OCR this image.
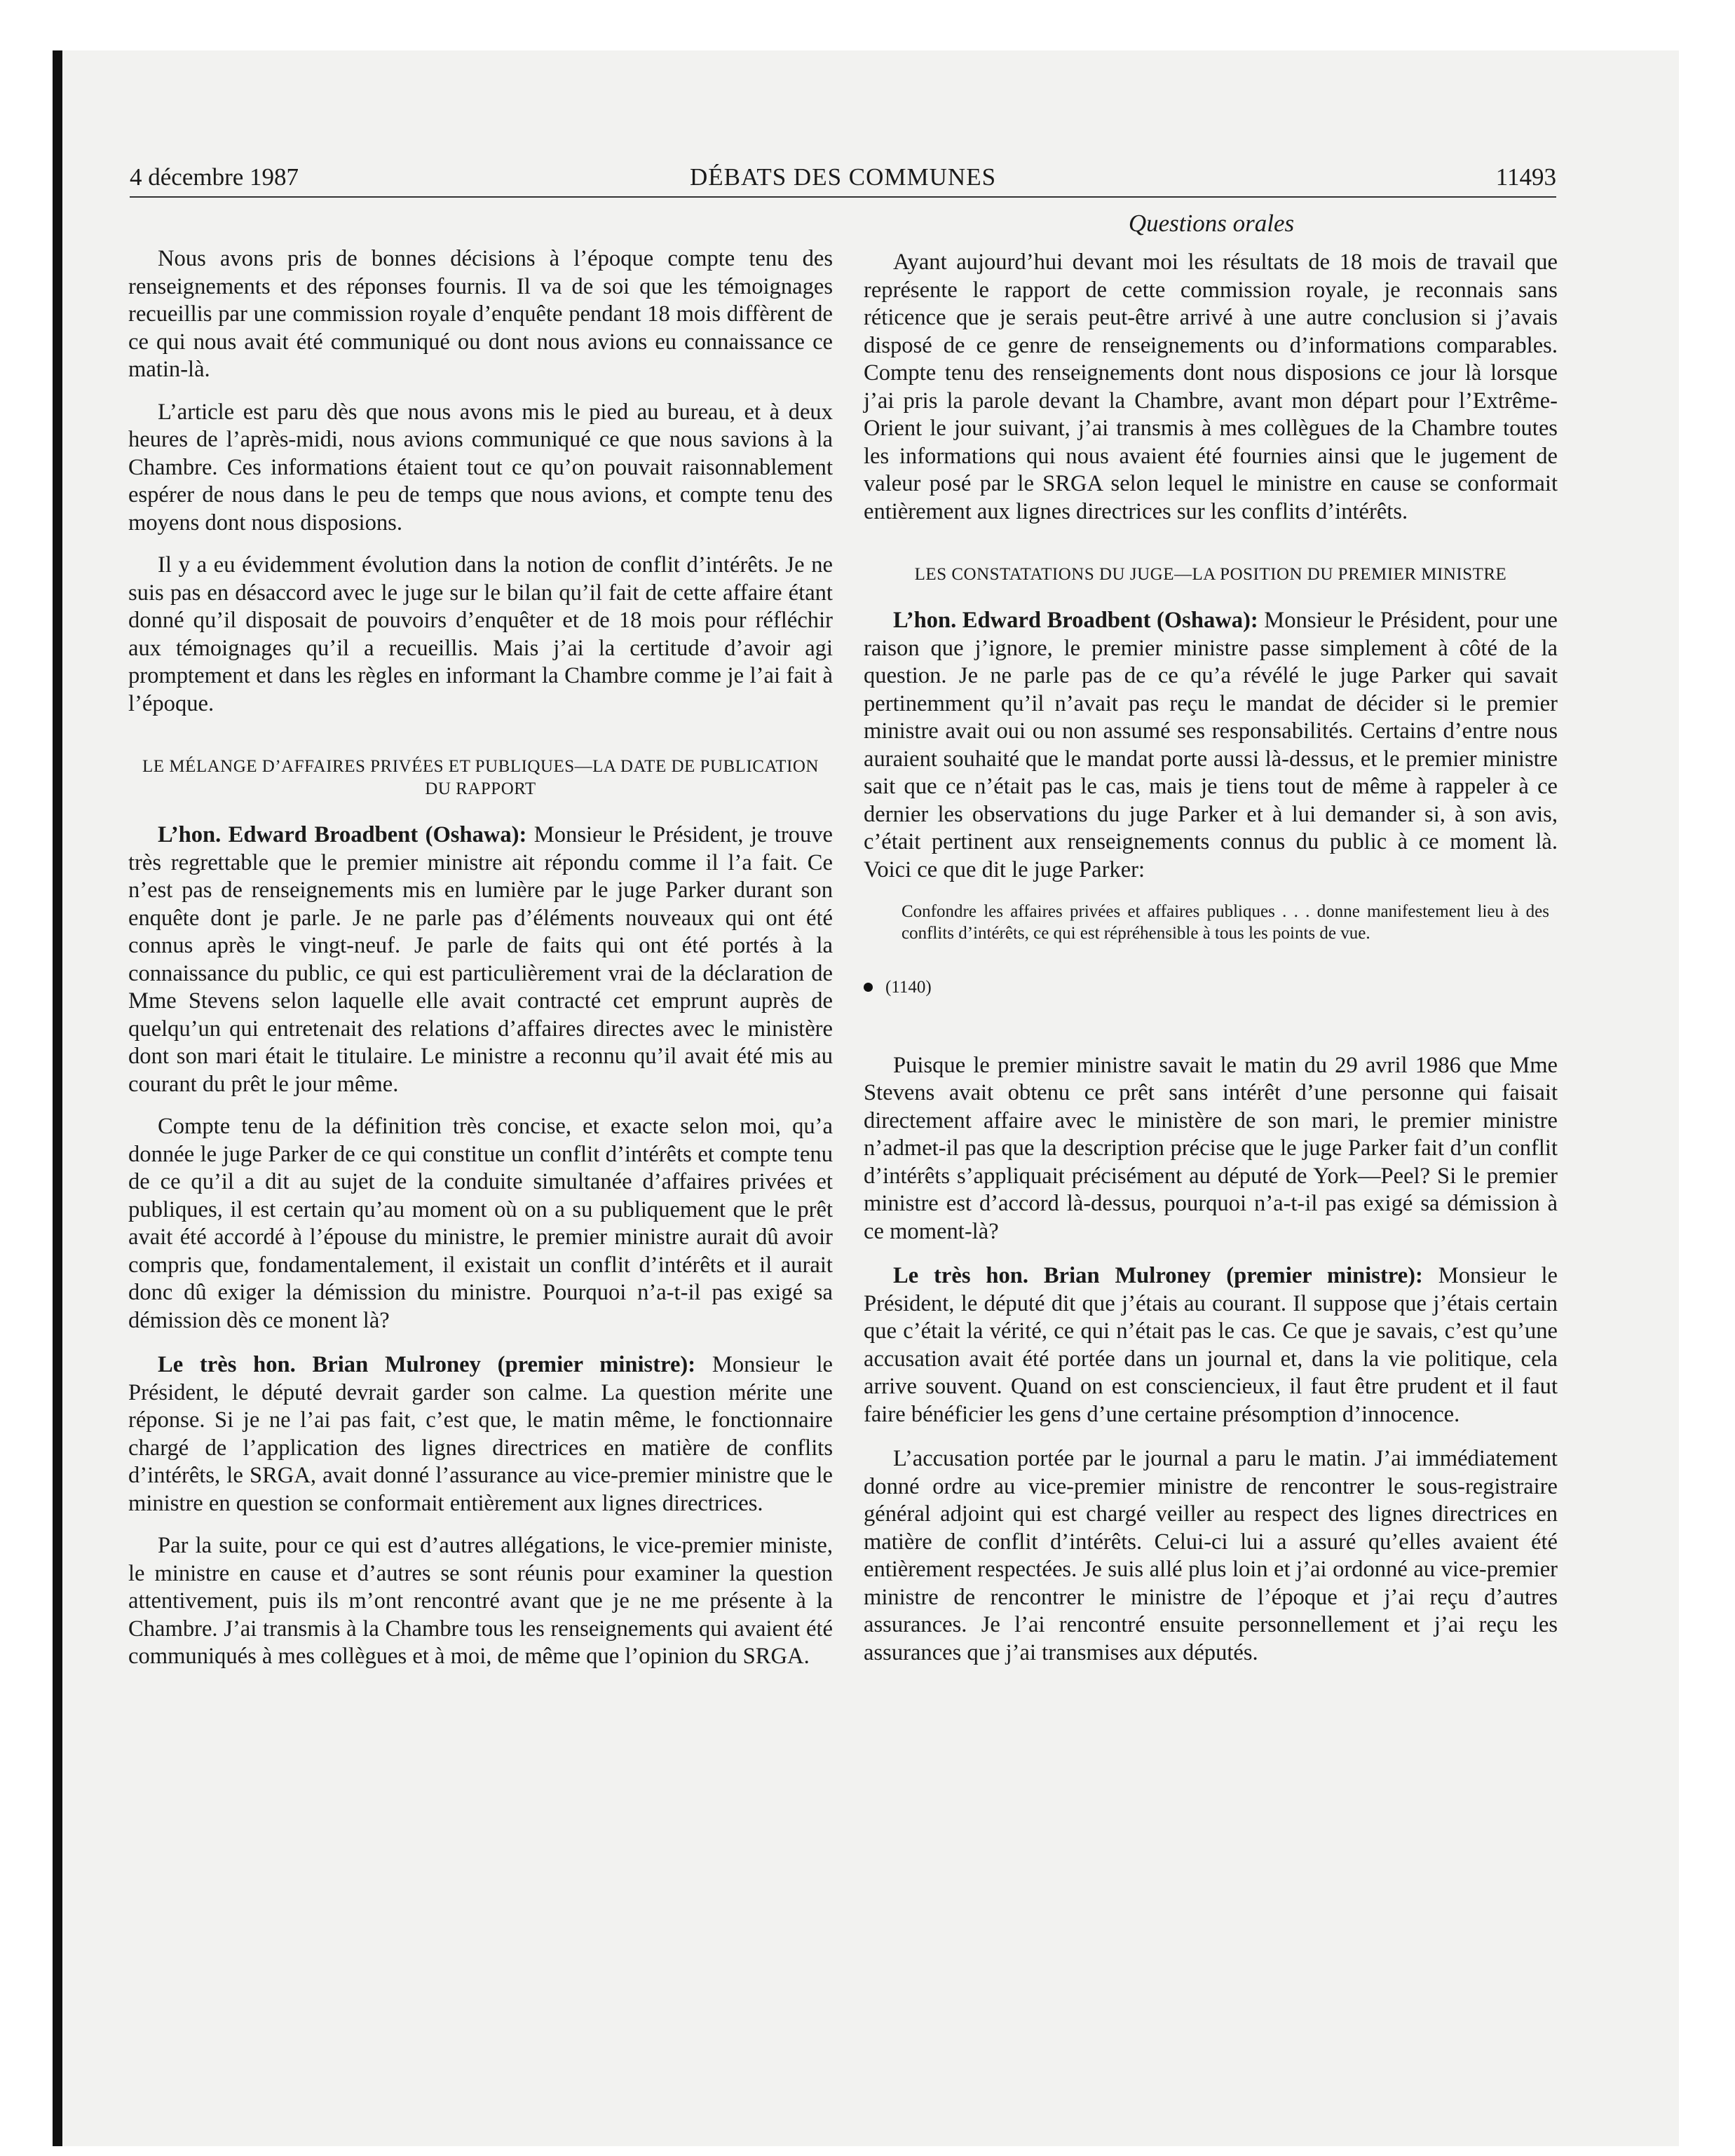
4 décembre 1987	DÉBATS DES COMMUNES	11493
Questions orales

Nous avons pris de bonnes décisions à l’époque compte tenu des renseignements et des réponses fournis. Il va de soi que les témoignages recueillis par une commission royale d’enquête pendant 18 mois diffèrent de ce qui nous avait été communiqué ou dont nous avions eu connaissance ce matin-là.

L’article est paru dès que nous avons mis le pied au bureau, et à deux heures de l’après-midi, nous avions communiqué ce que nous savions à la Chambre. Ces informations étaient tout ce qu’on pouvait raisonnablement espérer de nous dans le peu de temps que nous avions, et compte tenu des moyens dont nous disposions.

Il y a eu évidemment évolution dans la notion de conflit d’intérêts. Je ne suis pas en désaccord avec le juge sur le bilan qu’il fait de cette affaire étant donné qu’il disposait de pouvoirs d’enquêter et de 18 mois pour réfléchir aux témoignages qu’il a recueillis. Mais j’ai la certitude d’avoir agi promptement et dans les règles en informant la Chambre comme je l’ai fait à l’époque.

LE MÉLANGE D’AFFAIRES PRIVÉES ET PUBLIQUES—LA DATE DE PUBLICATION DU RAPPORT

L’hon. Edward Broadbent (Oshawa): Monsieur le Président, je trouve très regrettable que le premier ministre ait répondu comme il l’a fait. Ce n’est pas de renseignements mis en lumière par le juge Parker durant son enquête dont je parle. Je ne parle pas d’éléments nouveaux qui ont été connus après le vingt-neuf. Je parle de faits qui ont été portés à la connaissance du public, ce qui est particulièrement vrai de la déclaration de Mme Stevens selon laquelle elle avait contracté cet emprunt auprès de quelqu’un qui entretenait des relations d’affaires directes avec le ministère dont son mari était le titulaire. Le ministre a reconnu qu’il avait été mis au courant du prêt le jour même.

Compte tenu de la définition très concise, et exacte selon moi, qu’a donnée le juge Parker de ce qui constitue un conflit d’intérêts et compte tenu de ce qu’il a dit au sujet de la conduite simultanée d’affaires privées et publiques, il est certain qu’au moment où on a su publiquement que le prêt avait été accordé à l’épouse du ministre, le premier ministre aurait dû avoir compris que, fondamentalement, il existait un conflit d’intérêts et il aurait donc dû exiger la démission du ministre. Pourquoi n’a-t-il pas exigé sa démission dès ce monent là?

Le très hon. Brian Mulroney (premier ministre): Monsieur le Président, le député devrait garder son calme. La question mérite une réponse. Si je ne l’ai pas fait, c’est que, le matin même, le fonctionnaire chargé de l’application des lignes directrices en matière de conflits d’intérêts, le SRGA, avait donné l’assurance au vice-premier ministre que le ministre en question se conformait entièrement aux lignes directrices.

Par la suite, pour ce qui est d’autres allégations, le vice-premier ministe, le ministre en cause et d’autres se sont réunis pour examiner la question attentivement, puis ils m’ont rencontré avant que je ne me présente à la Chambre. J’ai transmis à la Chambre tous les renseignements qui avaient été communiqués à mes collègues et à moi, de même que l’opinion du SRGA.

Ayant aujourd’hui devant moi les résultats de 18 mois de travail que représente le rapport de cette commission royale, je reconnais sans réticence que je serais peut-être arrivé à une autre conclusion si j’avais disposé de ce genre de renseignements ou d’informations comparables. Compte tenu des renseignements dont nous disposions ce jour là lorsque j’ai pris la parole devant la Chambre, avant mon départ pour l’Extrême-Orient le jour suivant, j’ai transmis à mes collègues de la Chambre toutes les informations qui nous avaient été fournies ainsi que le jugement de valeur posé par le SRGA selon lequel le ministre en cause se conformait entièrement aux lignes directrices sur les conflits d’intérêts.

LES CONSTATATIONS DU JUGE—LA POSITION DU PREMIER MINISTRE

L’hon. Edward Broadbent (Oshawa): Monsieur le Président, pour une raison que j’ignore, le premier ministre passe simplement à côté de la question. Je ne parle pas de ce qu’a révélé le juge Parker qui savait pertinemment qu’il n’avait pas reçu le mandat de décider si le premier ministre avait oui ou non assumé ses responsabilités. Certains d’entre nous auraient souhaité que le mandat porte aussi là-dessus, et le premier ministre sait que ce n’était pas le cas, mais je tiens tout de même à rappeler à ce dernier les observations du juge Parker et à lui demander si, à son avis, c’était pertinent aux renseignements connus du public à ce moment là. Voici ce que dit le juge Parker:

Confondre les affaires privées et affaires publiques . . . donne manifestement lieu à des conflits d’intérêts, ce qui est répréhensible à tous les points de vue.

(1140)

Puisque le premier ministre savait le matin du 29 avril 1986 que Mme Stevens avait obtenu ce prêt sans intérêt d’une personne qui faisait directement affaire avec le ministère de son mari, le premier ministre n’admet-il pas que la description précise que le juge Parker fait d’un conflit d’intérêts s’appliquait précisément au député de York—Peel? Si le premier ministre est d’accord là-dessus, pourquoi n’a-t-il pas exigé sa démission à ce moment-là?

Le très hon. Brian Mulroney (premier ministre): Monsieur le Président, le député dit que j’étais au courant. Il suppose que j’étais certain que c’était la vérité, ce qui n’était pas le cas. Ce que je savais, c’est qu’une accusation avait été portée dans un journal et, dans la vie politique, cela arrive souvent. Quand on est consciencieux, il faut être prudent et il faut faire bénéficier les gens d’une certaine présomption d’innocence.

L’accusation portée par le journal a paru le matin. J’ai immédiatement donné ordre au vice-premier ministre de rencontrer le sous-registraire général adjoint qui est chargé veiller au respect des lignes directrices en matière de conflit d’intérêts. Celui-ci lui a assuré qu’elles avaient été entièrement respectées. Je suis allé plus loin et j’ai ordonné au vice-premier ministre de rencontrer le ministre de l’époque et j’ai reçu d’autres assurances. Je l’ai rencontré ensuite personnellement et j’ai reçu les assurances que j’ai transmises aux députés.
